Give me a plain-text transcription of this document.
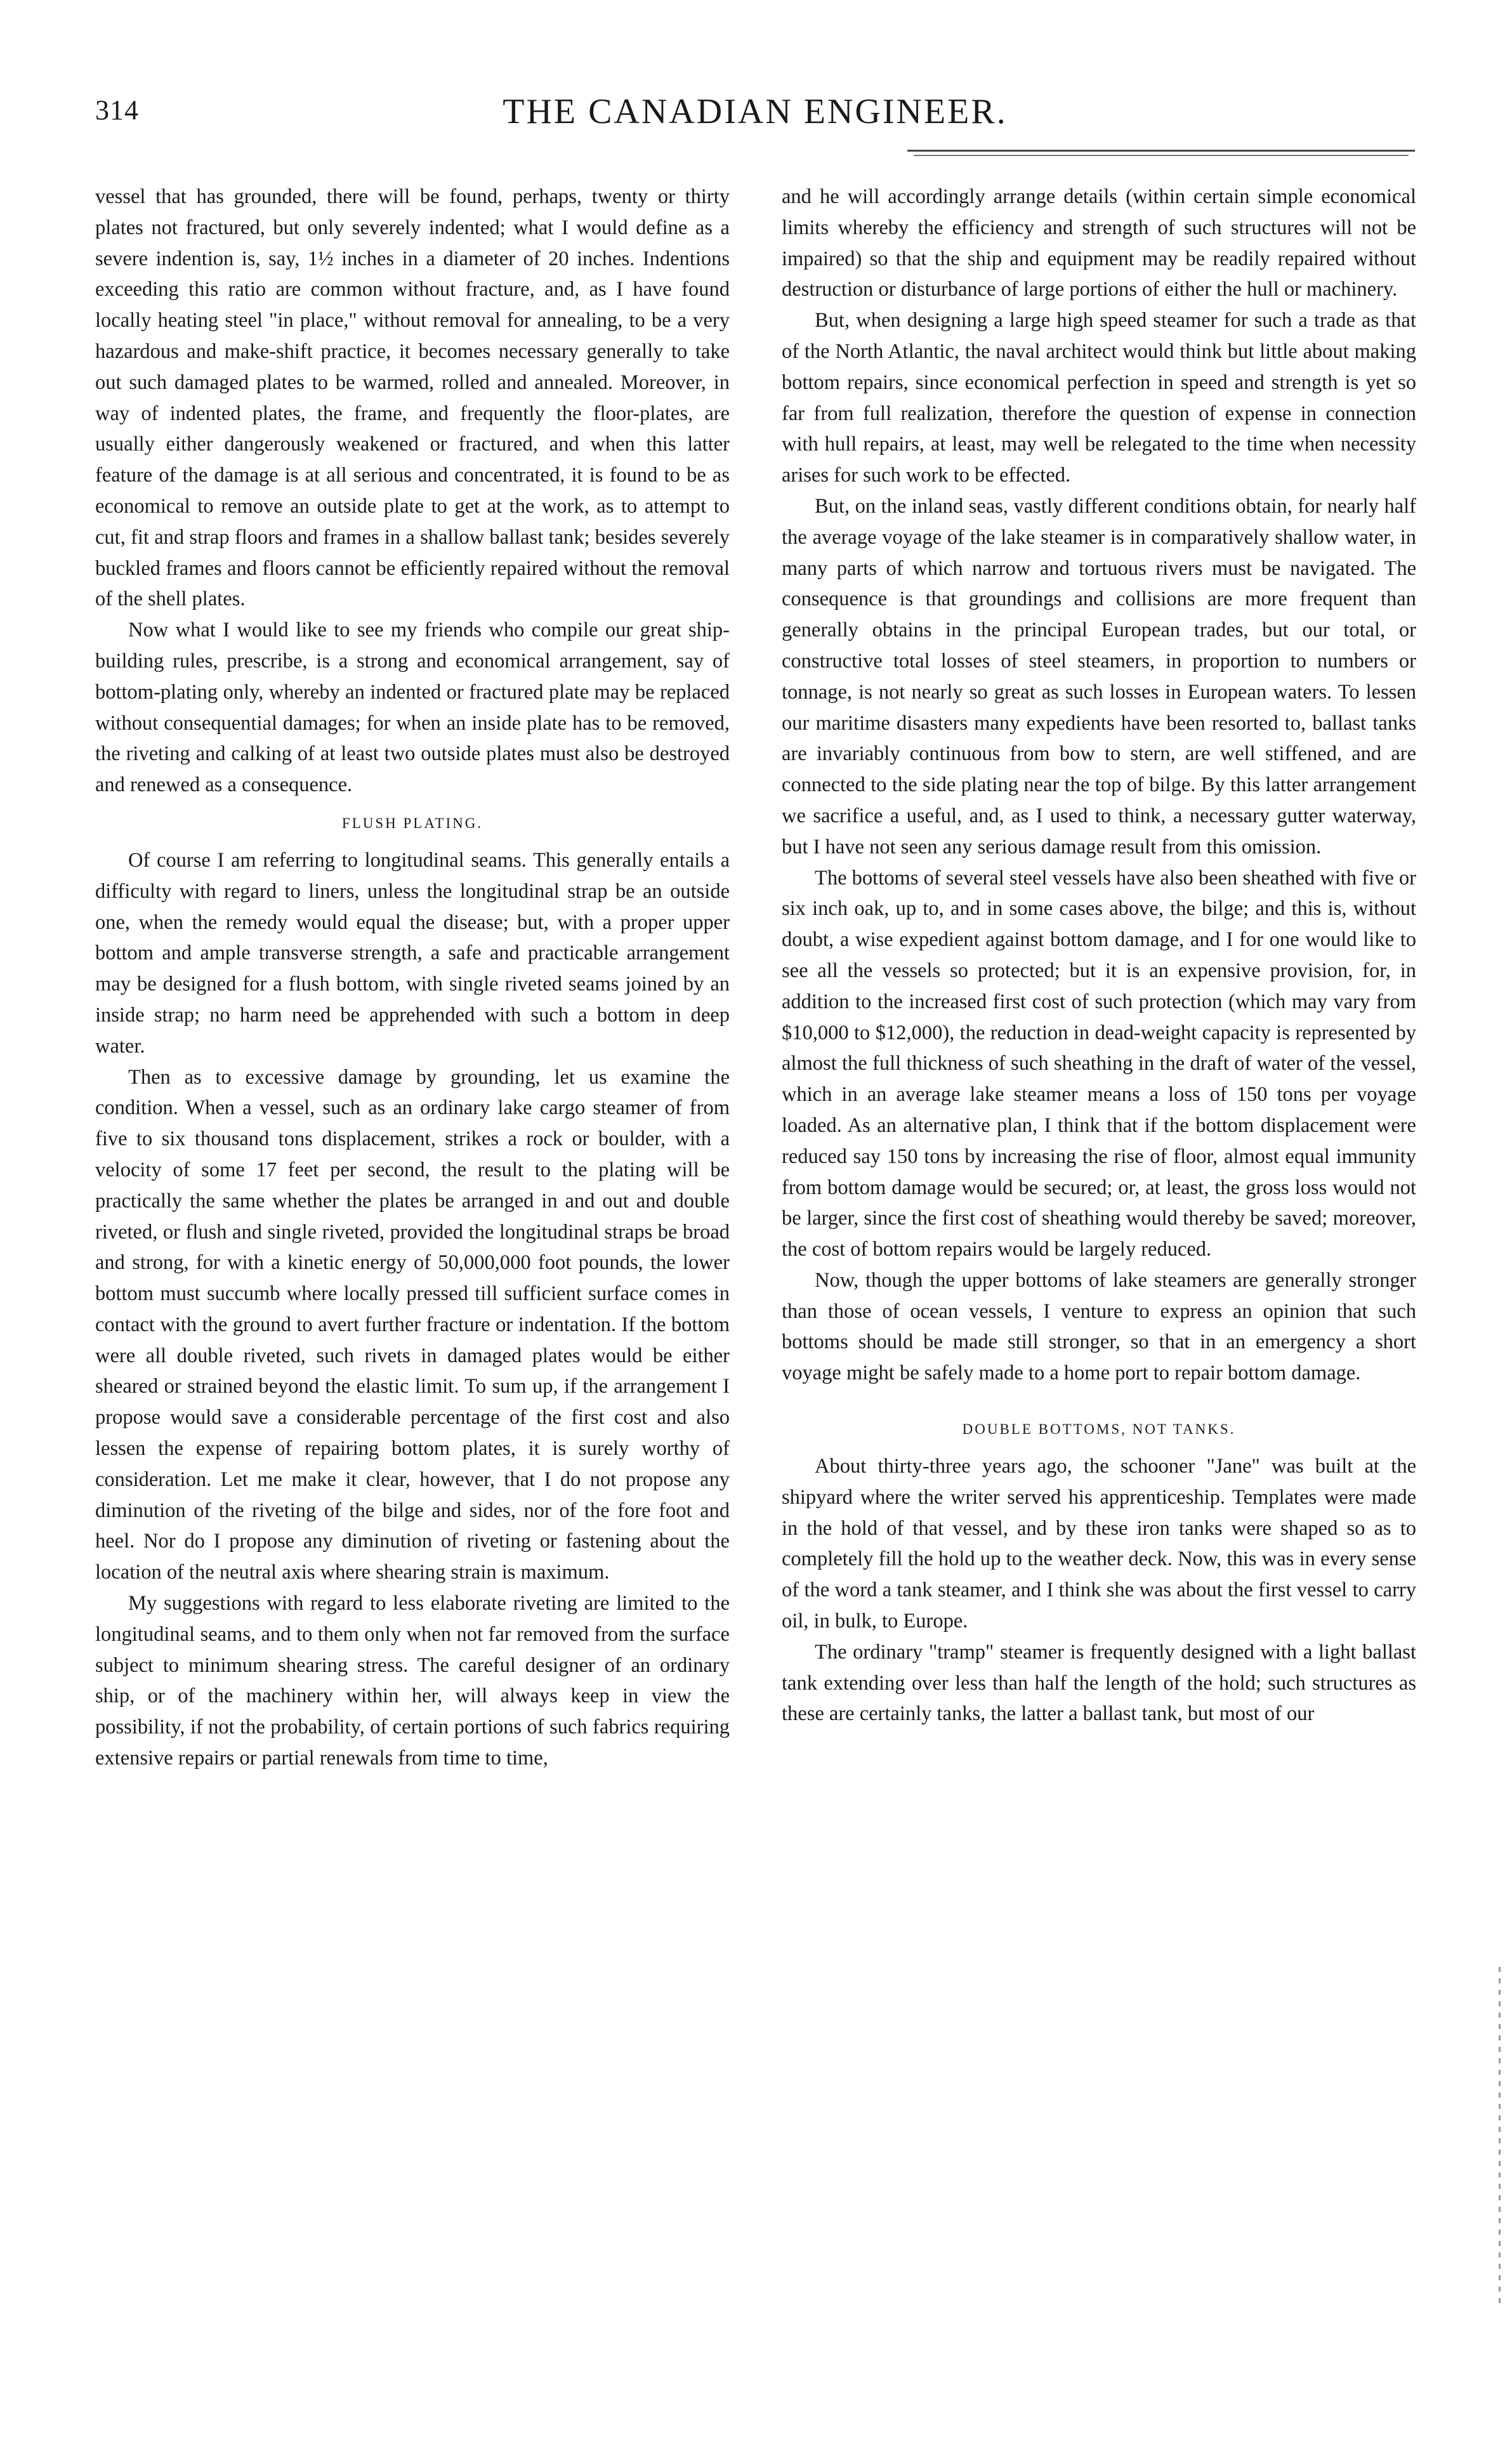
314	THE CANADIAN ENGINEER.

vessel that has grounded, there will be found, perhaps, twenty or thirty plates not fractured, but only severely indented; what I would define as a severe indention is, say, 1½ inches in a diameter of 20 inches. Indentions exceeding this ratio are common without fracture, and, as I have found locally heating steel "in place," without removal for annealing, to be a very hazardous and make-shift practice, it becomes necessary generally to take out such damaged plates to be warmed, rolled and annealed. Moreover, in way of indented plates, the frame, and frequently the floor-plates, are usually either dangerously weakened or fractured, and when this latter feature of the damage is at all serious and concentrated, it is found to be as economical to remove an outside plate to get at the work, as to attempt to cut, fit and strap floors and frames in a shallow ballast tank; besides severely buckled frames and floors cannot be efficiently repaired without the removal of the shell plates.

Now what I would like to see my friends who compile our great ship-building rules, prescribe, is a strong and economical arrangement, say of bottom-plating only, whereby an indented or fractured plate may be replaced without consequential damages; for when an inside plate has to be removed, the riveting and calking of at least two outside plates must also be destroyed and renewed as a consequence.

FLUSH PLATING.

Of course I am referring to longitudinal seams. This generally entails a difficulty with regard to liners, unless the longitudinal strap be an outside one, when the remedy would equal the disease; but, with a proper upper bottom and ample transverse strength, a safe and practicable arrangement may be designed for a flush bottom, with single riveted seams joined by an inside strap; no harm need be apprehended with such a bottom in deep water.

Then as to excessive damage by grounding, let us examine the condition. When a vessel, such as an ordinary lake cargo steamer of from five to six thousand tons displacement, strikes a rock or boulder, with a velocity of some 17 feet per second, the result to the plating will be practically the same whether the plates be arranged in and out and double riveted, or flush and single riveted, provided the longitudinal straps be broad and strong, for with a kinetic energy of 50,000,000 foot pounds, the lower bottom must succumb where locally pressed till sufficient surface comes in contact with the ground to avert further fracture or indentation. If the bottom were all double riveted, such rivets in damaged plates would be either sheared or strained beyond the elastic limit. To sum up, if the arrangement I propose would save a considerable percentage of the first cost and also lessen the expense of repairing bottom plates, it is surely worthy of consideration. Let me make it clear, however, that I do not propose any diminution of the riveting of the bilge and sides, nor of the fore foot and heel. Nor do I propose any diminution of riveting or fastening about the location of the neutral axis where shearing strain is maximum.

My suggestions with regard to less elaborate riveting are limited to the longitudinal seams, and to them only when not far removed from the surface subject to minimum shearing stress. The careful designer of an ordinary ship, or of the machinery within her, will always keep in view the possibility, if not the probability, of certain portions of such fabrics requiring extensive repairs or partial renewals from time to time,

and he will accordingly arrange details (within certain simple economical limits whereby the efficiency and strength of such structures will not be impaired) so that the ship and equipment may be readily repaired without destruction or disturbance of large portions of either the hull or machinery.

But, when designing a large high speed steamer for such a trade as that of the North Atlantic, the naval architect would think but little about making bottom repairs, since economical perfection in speed and strength is yet so far from full realization, therefore the question of expense in connection with hull repairs, at least, may well be relegated to the time when necessity arises for such work to be effected.

But, on the inland seas, vastly different conditions obtain, for nearly half the average voyage of the lake steamer is in comparatively shallow water, in many parts of which narrow and tortuous rivers must be navigated. The consequence is that groundings and collisions are more frequent than generally obtains in the principal European trades, but our total, or constructive total losses of steel steamers, in proportion to numbers or tonnage, is not nearly so great as such losses in European waters. To lessen our maritime disasters many expedients have been resorted to, ballast tanks are invariably continuous from bow to stern, are well stiffened, and are connected to the side plating near the top of bilge. By this latter arrangement we sacrifice a useful, and, as I used to think, a necessary gutter waterway, but I have not seen any serious damage result from this omission.

The bottoms of several steel vessels have also been sheathed with five or six inch oak, up to, and in some cases above, the bilge; and this is, without doubt, a wise expedient against bottom damage, and I for one would like to see all the vessels so protected; but it is an expensive provision, for, in addition to the increased first cost of such protection (which may vary from $10,000 to $12,000), the reduction in dead-weight capacity is represented by almost the full thickness of such sheathing in the draft of water of the vessel, which in an average lake steamer means a loss of 150 tons per voyage loaded. As an alternative plan, I think that if the bottom displacement were reduced say 150 tons by increasing the rise of floor, almost equal immunity from bottom damage would be secured; or, at least, the gross loss would not be larger, since the first cost of sheathing would thereby be saved; moreover, the cost of bottom repairs would be largely reduced.

Now, though the upper bottoms of lake steamers are generally stronger than those of ocean vessels, I venture to express an opinion that such bottoms should be made still stronger, so that in an emergency a short voyage might be safely made to a home port to repair bottom damage.

DOUBLE BOTTOMS, NOT TANKS.

About thirty-three years ago, the schooner "Jane" was built at the shipyard where the writer served his apprenticeship. Templates were made in the hold of that vessel, and by these iron tanks were shaped so as to completely fill the hold up to the weather deck. Now, this was in every sense of the word a tank steamer, and I think she was about the first vessel to carry oil, in bulk, to Europe.

The ordinary "tramp" steamer is frequently designed with a light ballast tank extending over less than half the length of the hold; such structures as these are certainly tanks, the latter a ballast tank, but most of our
